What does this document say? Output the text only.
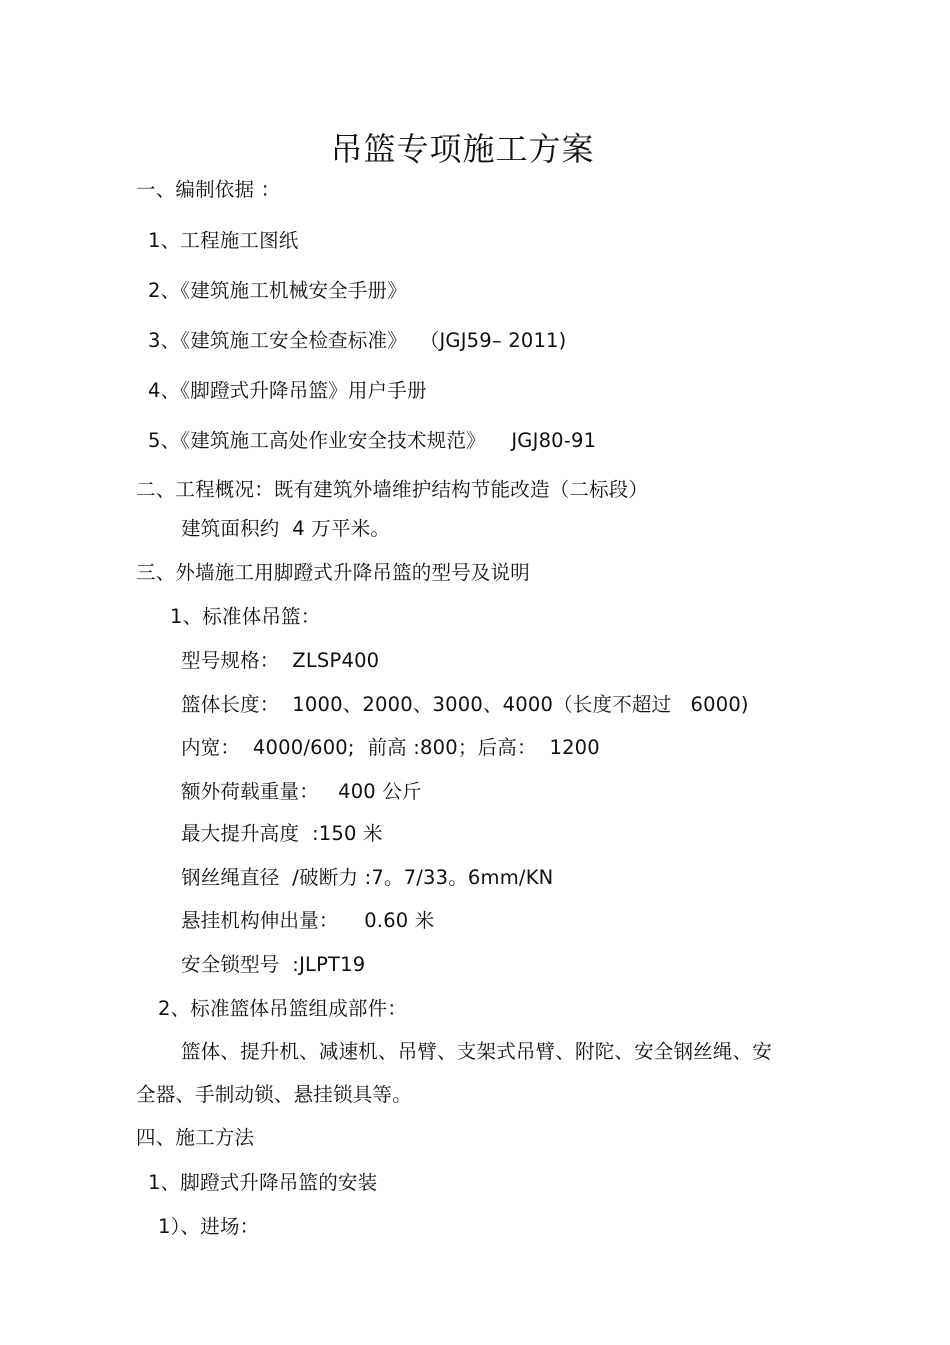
吊篮专项施工方案
一、编制依据 ：
1、工程施工图纸
2、《建筑施工机械安全手册》
3、《建筑施工安全检查标准》  （JGJ59– 2011)
4、《脚蹬式升降吊篮》用户手册
5、《建筑施工高处作业安全技术规范》    JGJ80-91
二、工程概况：既有建筑外墙维护结构节能改造（二标段）
建筑面积约  4 万平米。
三、外墙施工用脚蹬式升降吊篮的型号及说明
1、标准体吊篮：
型号规格：  ZLSP400
篮体长度：  1000、2000、3000、4000（长度不超过   6000)
内宽：  4000/600;  前高 :800；后高：  1200
额外荷载重量：   400 公斤
最大提升高度  :150 米
钢丝绳直径  /破断力 :7。7/33。6mm/KN
悬挂机构伸出量：    0.60 米
安全锁型号  :JLPT19
2、标准篮体吊篮组成部件：
篮体、提升机、减速机、吊臂、支架式吊臂、附陀、安全钢丝绳、安
全器、手制动锁、悬挂锁具等。
四、施工方法
1、脚蹬式升降吊篮的安装
1）、进场：
